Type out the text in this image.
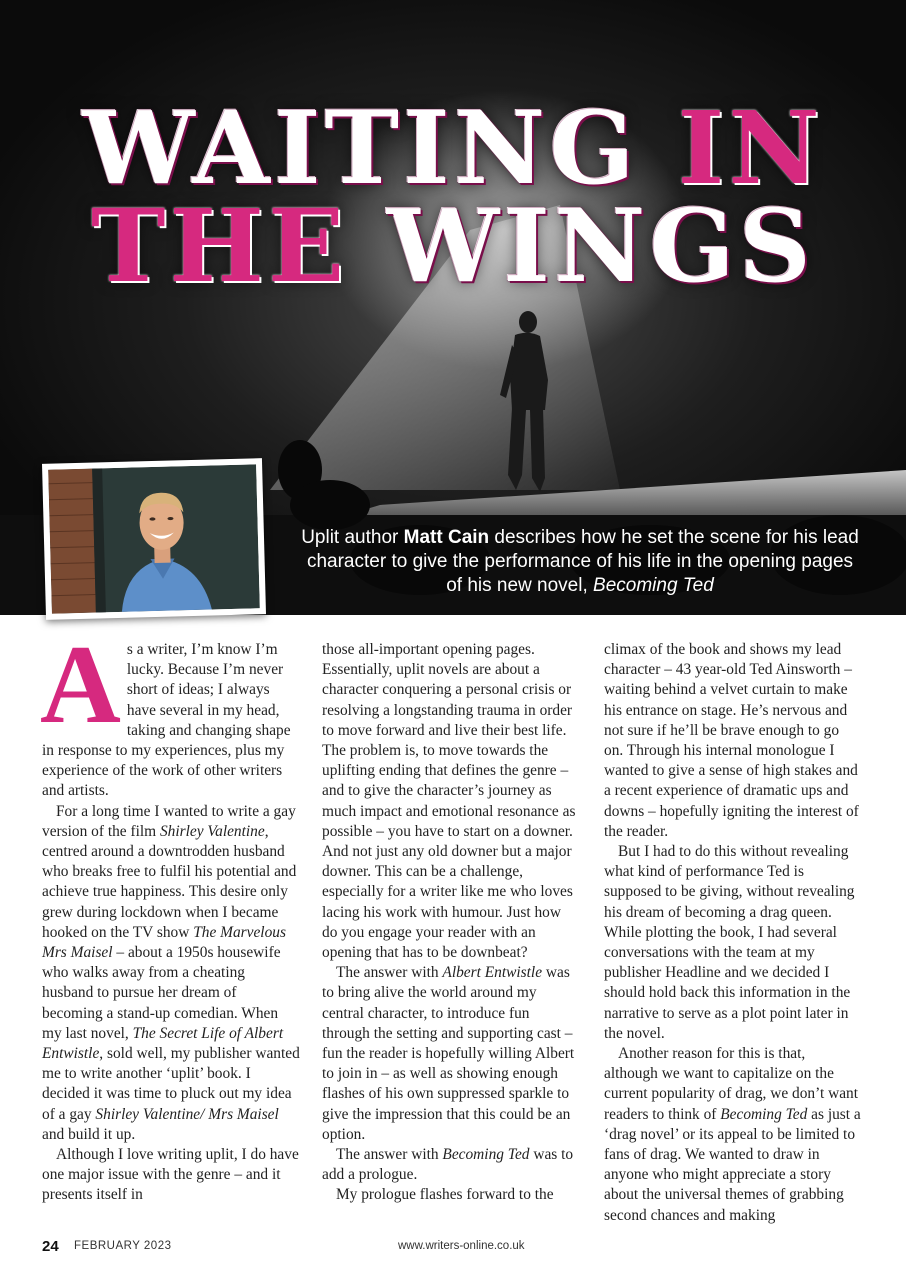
WAITING IN
THE WINGS
Uplit author Matt Cain describes how he set the scene for his lead character to give the performance of his life in the opening pages of his new novel, Becoming Ted

As a writer, I’m know I’m lucky. Because I’m never short of ideas; I always have several in my head, taking and changing shape in response to my experiences, plus my experience of the work of other writers and artists.

For a long time I wanted to write a gay version of the film Shirley Valentine, centred around a downtrodden husband who breaks free to fulfil his potential and achieve true happiness. This desire only grew during lockdown when I became hooked on the TV show The Marvelous Mrs Maisel – about a 1950s housewife who walks away from a cheating husband to pursue her dream of becoming a stand-up comedian. When my last novel, The Secret Life of Albert Entwistle, sold well, my publisher wanted me to write another ‘uplit’ book. I decided it was time to pluck out my idea of a gay Shirley Valentine/ Mrs Maisel and build it up.

Although I love writing uplit, I do have one major issue with the genre – and it presents itself in

those all-important opening pages. Essentially, uplit novels are about a character conquering a personal crisis or resolving a longstanding trauma in order to move forward and live their best life. The problem is, to move towards the uplifting ending that defines the genre – and to give the character’s journey as much impact and emotional resonance as possible – you have to start on a downer. And not just any old downer but a major downer. This can be a challenge, especially for a writer like me who loves lacing his work with humour. Just how do you engage your reader with an opening that has to be downbeat?

The answer with Albert Entwistle was to bring alive the world around my central character, to introduce fun through the setting and supporting cast – fun the reader is hopefully willing Albert to join in – as well as showing enough flashes of his own suppressed sparkle to give the impression that this could be an option.

The answer with Becoming Ted was to add a prologue.

My prologue flashes forward to the

climax of the book and shows my lead character – 43 year-old Ted Ainsworth – waiting behind a velvet curtain to make his entrance on stage. He’s nervous and not sure if he’ll be brave enough to go on. Through his internal monologue I wanted to give a sense of high stakes and a recent experience of dramatic ups and downs – hopefully igniting the interest of the reader.

But I had to do this without revealing what kind of performance Ted is supposed to be giving, without revealing his dream of becoming a drag queen. While plotting the book, I had several conversations with the team at my publisher Headline and we decided I should hold back this information in the narrative to serve as a plot point later in the novel.

Another reason for this is that, although we want to capitalize on the current popularity of drag, we don’t want readers to think of Becoming Ted as just a ‘drag novel’ or its appeal to be limited to fans of drag. We wanted to draw in anyone who might appreciate a story about the universal themes of grabbing second chances and making

24 FEBRUARY 2023	www.writers-online.co.uk
